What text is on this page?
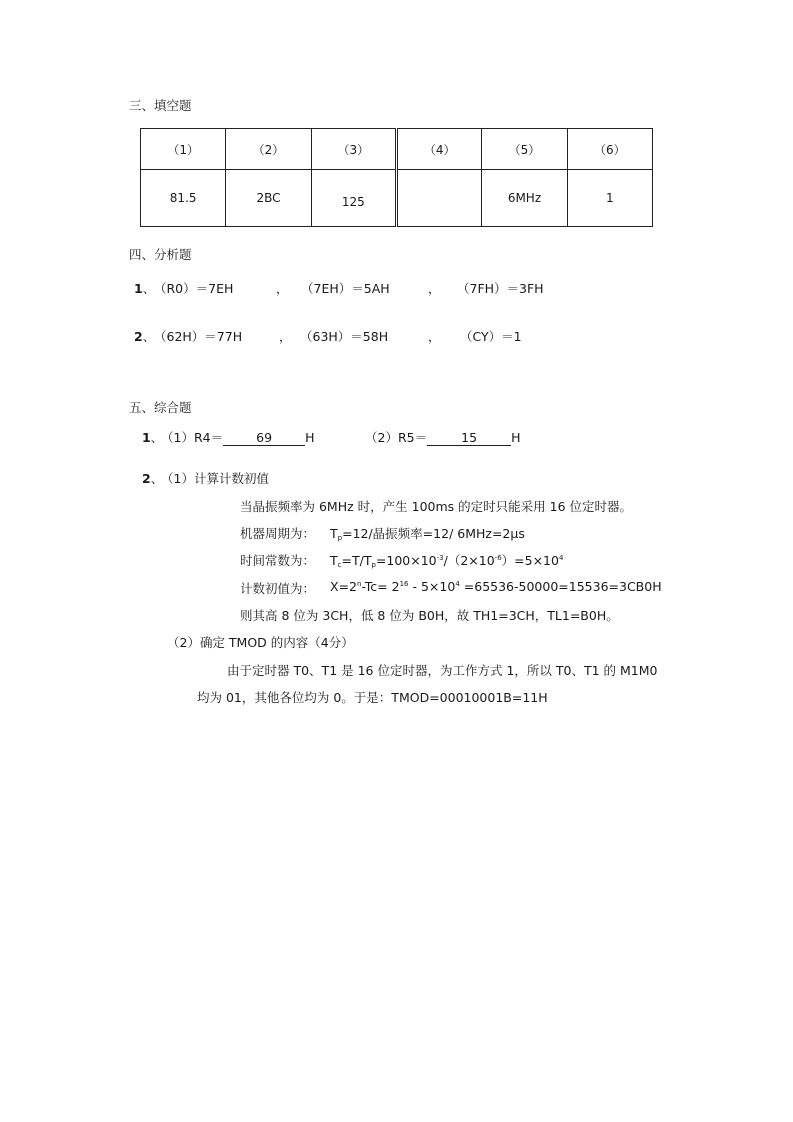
三、填空题
（1）	（2）	（3）	（4）	（5）	（6）
81.5	2BC	125		6MHz	1
四、分析题
1、
（R0）＝7EH	， （7EH）＝5AH	， （7FH）＝3FH
2、
（62H）＝77H	， （63H）＝58H	， （CY）＝1
五、综合题
1、
（1）R4＝	69	H	（2）R5＝	15	H
2、
（1）计算计数初值
当晶振频率为 6MHz 时，产生 100ms 的定时只能采用 16 位定时器。
机器周期为： $T_p=12/$晶振频率=12/ 6MHz=2μs
时间常数为： $T_c=T/T_p=100\times 10^{-3}/(2\times 10^{-6})=5\times 10^4$
计数初值为： $X=2^n-Tc= 2^{16} - 5\times 10^4 =65536-50000=15536=3CB0H$
则其高 8 位为 3CH，低 8 位为 B0H，故 TH1=3CH，TL1=B0H。
（2）确定 TMOD 的内容（4分）
由于定时器 T0、T1 是 16 位定时器，为工作方式 1，所以 T0、T1 的 M1M0
均为 01，其他各位均为 0。于是：TMOD=00010001B=11H
